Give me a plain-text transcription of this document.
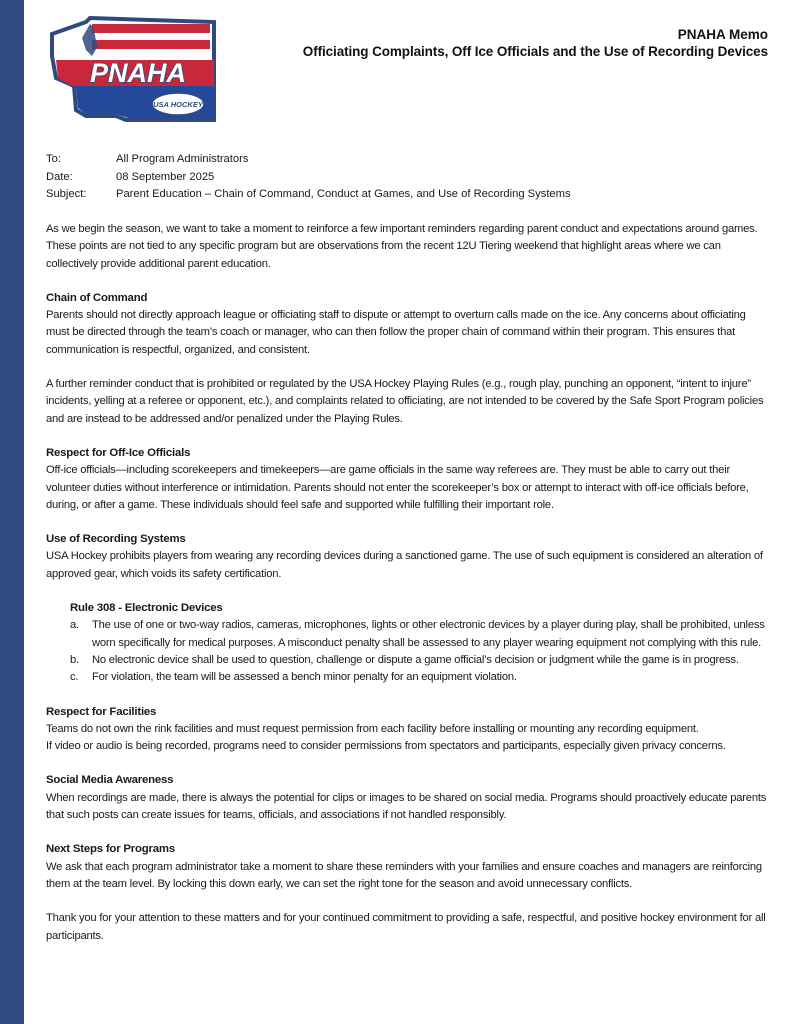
PNAHA
USA HOCKEY
PNAHA Memo
Officiating Complaints, Off Ice Officials and the Use of Recording Devices
To:	All Program Administrators
Date:	08 September 2025
Subject:	Parent Education – Chain of Command, Conduct at Games, and Use of Recording Systems

As we begin the season, we want to take a moment to reinforce a few important reminders regarding parent conduct and expectations around games. These points are not tied to any specific program but are observations from the recent 12U Tiering weekend that highlight areas where we can collectively provide additional parent education.

Chain of Command

Parents should not directly approach league or officiating staff to dispute or attempt to overturn calls made on the ice. Any concerns about officiating must be directed through the team’s coach or manager, who can then follow the proper chain of command within their program. This ensures that communication is respectful, organized, and consistent.

A further reminder conduct that is prohibited or regulated by the USA Hockey Playing Rules (e.g., rough play, punching an opponent, “intent to injure” incidents, yelling at a referee or opponent, etc.), and complaints related to officiating, are not intended to be covered by the Safe Sport Program policies and are instead to be addressed and/or penalized under the Playing Rules.

Respect for Off-Ice Officials

Off-ice officials—including scorekeepers and timekeepers—are game officials in the same way referees are. They must be able to carry out their volunteer duties without interference or intimidation. Parents should not enter the scorekeeper’s box or attempt to interact with off-ice officials before, during, or after a game. These individuals should feel safe and supported while fulfilling their important role.

Use of Recording Systems

USA Hockey prohibits players from wearing any recording devices during a sanctioned game. The use of such equipment is considered an alteration of approved gear, which voids its safety certification.

Rule 308 - Electronic Devices
a.	The use of one or two-way radios, cameras, microphones, lights or other electronic devices by a player during play, shall be prohibited, unless worn specifically for medical purposes. A misconduct penalty shall be assessed to any player wearing equipment not complying with this rule.
b.	No electronic device shall be used to question, challenge or dispute a game official’s decision or judgment while the game is in progress.
c.	For violation, the team will be assessed a bench minor penalty for an equipment violation.
Respect for Facilities

Teams do not own the rink facilities and must request permission from each facility before installing or mounting any recording equipment.

If video or audio is being recorded, programs need to consider permissions from spectators and participants, especially given privacy concerns.

Social Media Awareness

When recordings are made, there is always the potential for clips or images to be shared on social media. Programs should proactively educate parents that such posts can create issues for teams, officials, and associations if not handled responsibly.

Next Steps for Programs

We ask that each program administrator take a moment to share these reminders with your families and ensure coaches and managers are reinforcing them at the team level. By locking this down early, we can set the right tone for the season and avoid unnecessary conflicts.

Thank you for your attention to these matters and for your continued commitment to providing a safe, respectful, and positive hockey environment for all participants.
